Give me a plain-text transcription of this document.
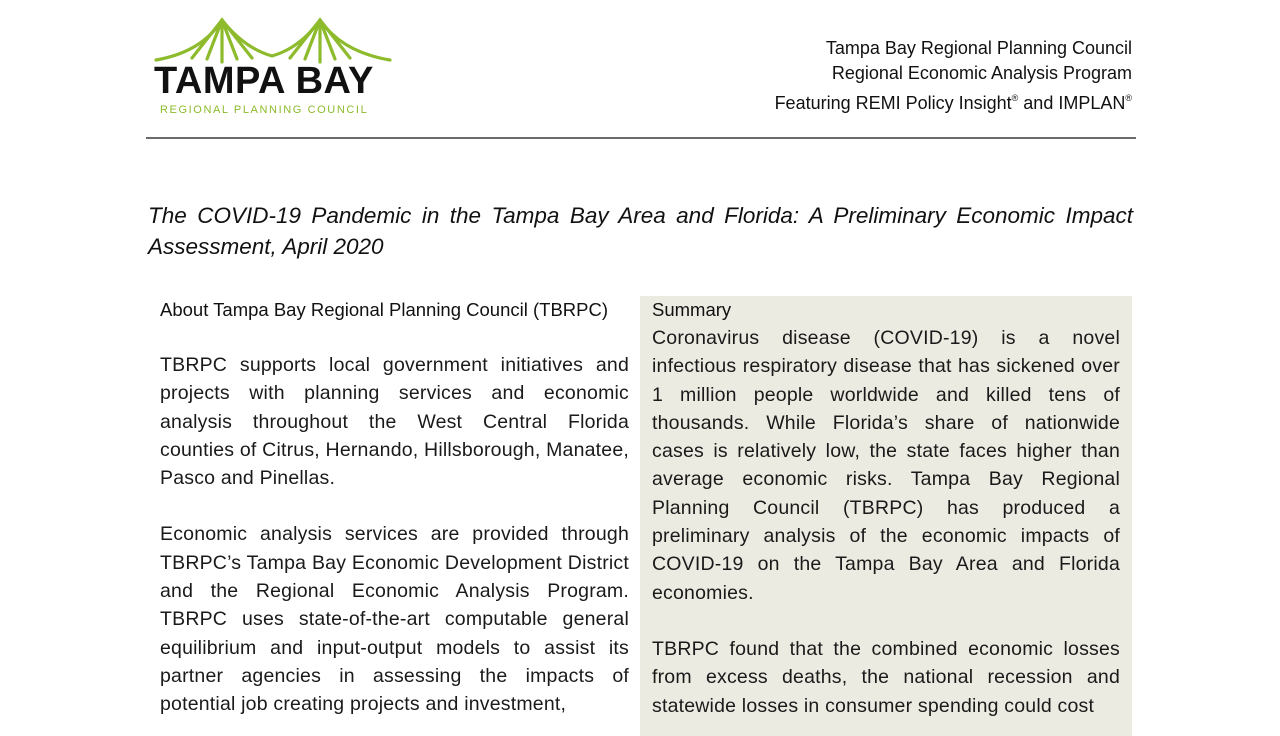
TAMPA BAY
REGIONAL PLANNING COUNCIL
Tampa Bay Regional Planning Council
Regional Economic Analysis Program
Featuring REMI Policy Insight® and IMPLAN®
The COVID-19 Pandemic in the Tampa Bay Area and Florida: A Preliminary Economic Impact Assessment, April 2020

About Tampa Bay Regional Planning Council (TBRPC)

TBRPC supports local government initiatives and projects with planning services and economic analysis throughout the West Central Florida counties of Citrus, Hernando, Hillsborough, Manatee, Pasco and Pinellas.

Economic analysis services are provided through TBRPC’s Tampa Bay Economic Development District and the Regional Economic Analysis Program. TBRPC uses state-of-the-art computable general equilibrium and input-output models to assist its partner agencies in assessing the impacts of potential job creating projects and investment,

Summary

Coronavirus disease (COVID-19) is a novel infectious respiratory disease that has sickened over 1 million people worldwide and killed tens of thousands. While Florida’s share of nationwide cases is relatively low, the state faces higher than average economic risks. Tampa Bay Regional Planning Council (TBRPC) has produced a preliminary analysis of the economic impacts of COVID-19 on the Tampa Bay Area and Florida economies.

TBRPC found that the combined economic losses from excess deaths, the national recession and statewide losses in consumer spending could cost
